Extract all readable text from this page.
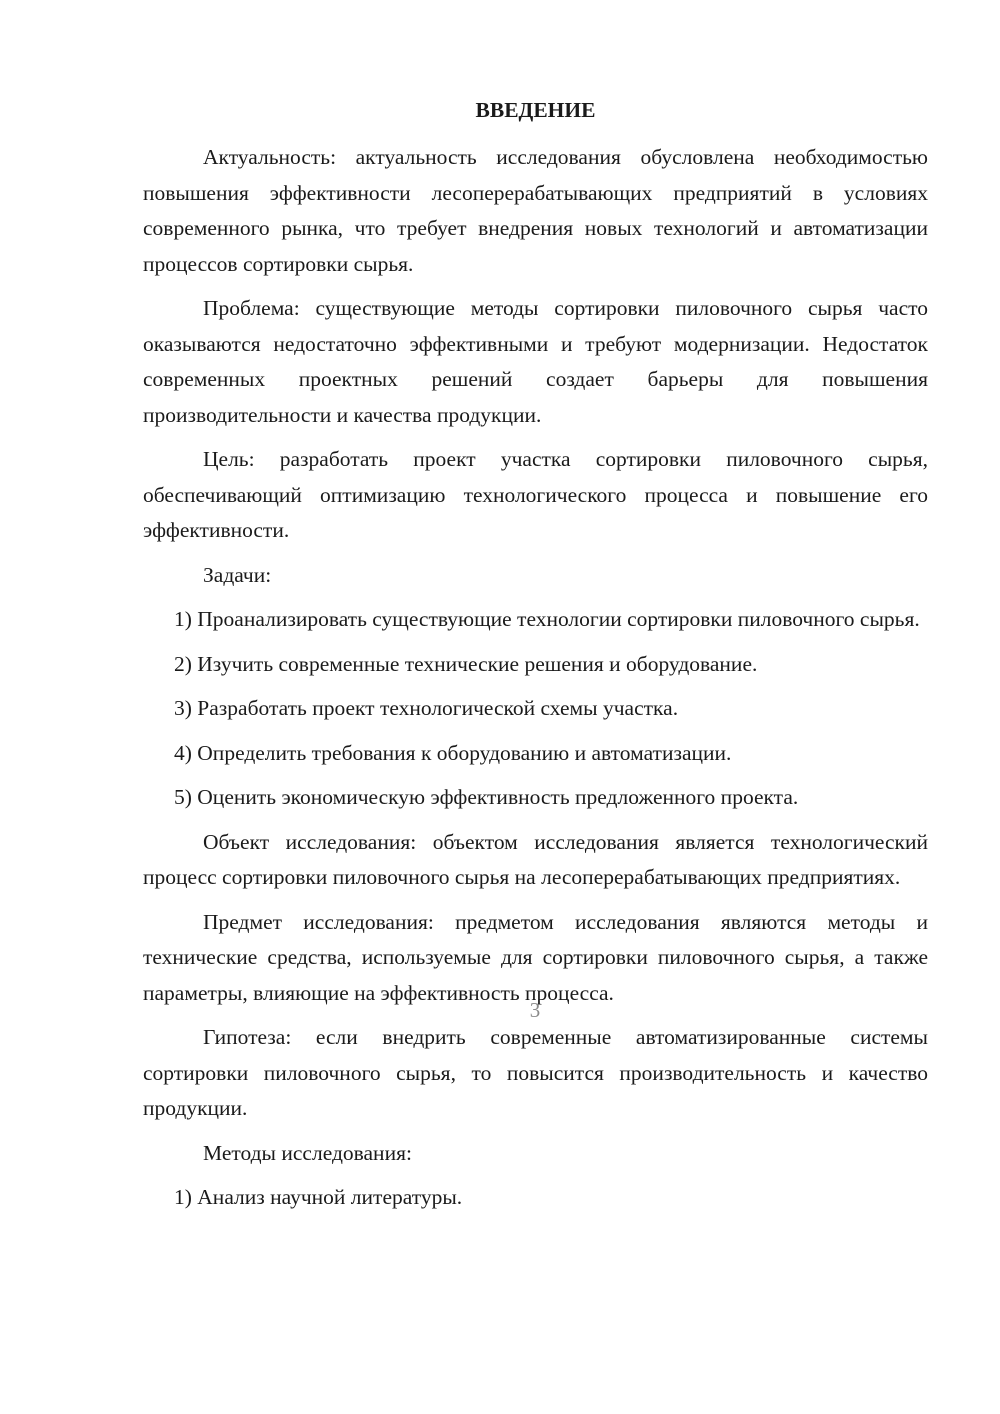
ВВЕДЕНИЕ

Актуальность: актуальность исследования обусловлена необходимостью повышения эффективности лесоперерабатывающих предприятий в условиях современного рынка, что требует внедрения новых технологий и автоматизации процессов сортировки сырья.

Проблема: существующие методы сортировки пиловочного сырья часто оказываются недостаточно эффективными и требуют модернизации. Недостаток современных проектных решений создает барьеры для повышения производительности и качества продукции.

Цель: разработать проект участка сортировки пиловочного сырья, обеспечивающий оптимизацию технологического процесса и повышение его эффективности.

Задачи:

1) Проанализировать существующие технологии сортировки пиловочного сырья.

2) Изучить современные технические решения и оборудование.

3) Разработать проект технологической схемы участка.

4) Определить требования к оборудованию и автоматизации.

5) Оценить экономическую эффективность предложенного проекта.

Объект исследования: объектом исследования является технологический процесс сортировки пиловочного сырья на лесоперерабатывающих предприятиях.

Предмет исследования: предметом исследования являются методы и технические средства, используемые для сортировки пиловочного сырья, а также параметры, влияющие на эффективность процесса.

Гипотеза: если внедрить современные автоматизированные системы сортировки пиловочного сырья, то повысится производительность и качество продукции.

Методы исследования:

1) Анализ научной литературы.

3
